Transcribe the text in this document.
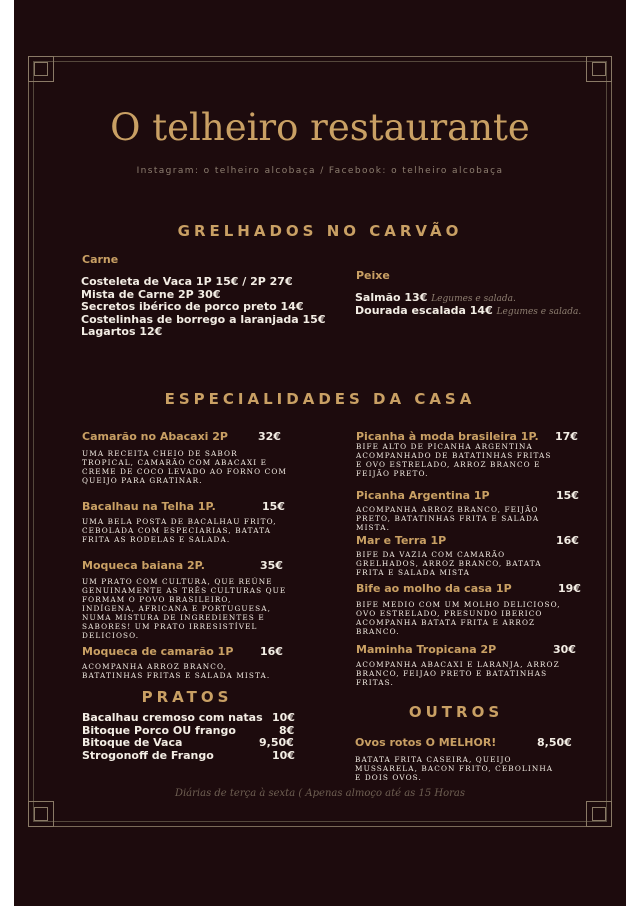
O telheiro restaurante
Instagram: o telheiro alcobaça / Facebook: o telheiro alcobaça
GRELHADOS NO CARVÃO
Carne
Costeleta de Vaca 1P 15€ / 2P 27€
Mista de Carne 2P 30€
Secretos ibérico de porco preto 14€
Costelinhas de borrego a laranjada 15€
Lagartos 12€
Peixe
Salmão 13€ Legumes e salada.
Dourada escalada 14€ Legumes e salada.
ESPECIALIDADES DA CASA
Camarão no Abacaxi 2P	32€
UMA RECEITA CHEIO DE SABOR TROPICAL, CAMARÃO COM ABACAXI E CREME DE COCO LEVADO AO FORNO COM QUEIJO PARA GRATINAR.
Bacalhau na Telha 1P.	15€
UMA BELA POSTA DE BACALHAU FRITO, CEBOLADA COM ESPECIARIAS, BATATA FRITA AS RODELAS E SALADA.
Moqueca baiana 2P.	35€
UM PRATO COM CULTURA, QUE REÚNE GENUINAMENTE AS TRÊS CULTURAS QUE FORMAM O POVO BRASILEIRO, INDÍGENA, AFRICANA E PORTUGUESA, NUMA MISTURA DE INGREDIENTES E SABORES! UM PRATO IRRESISTÍVEL DELICIOSO.
Moqueca de camarão 1P 16€
ACOMPANHA ARROZ BRANCO, BATATINHAS FRITAS E SALADA MISTA.
Picanha à moda brasileira 1P. 17€
BIFE ALTO DE PICANHA ARGENTINA ACOMPANHADO DE BATATINHAS FRITAS E OVO ESTRELADO, ARROZ BRANCO E FEIJÃO PRETO.
Picanha Argentina 1P	15€
ACOMPANHA ARROZ BRANCO, FEIJÃO PRETO, BATATINHAS FRITA E SALADA MISTA.
Mar e Terra 1P	16€
BIFE DA VAZIA COM CAMARÃO GRELHADOS, ARROZ BRANCO, BATATA FRITA E SALADA MISTA
Bife ao molho da casa 1P	19€
BIFE MEDIO COM UM MOLHO DELICIOSO, OVO ESTRELADO, PRESUNDO IBERICO ACOMPANHA BATATA FRITA E ARROZ BRANCO.
Maminha Tropicana 2P	30€
ACOMPANHA ABACAXI E LARANJA, ARROZ BRANCO, FEIJAO PRETO E BATATINHAS FRITAS.
PRATOS
Bacalhau cremoso com natas 10€
Bitoque Porco OU frango	8€
Bitoque de Vaca	9,50€
Strogonoff de Frango	10€
OUTROS
Ovos rotos O MELHOR!	8,50€
BATATA FRITA CASEIRA, QUEIJO MUSSARELA, BACON FRITO, CEBOLINHA E DOIS OVOS.
Diárias de terça à sexta ( Apenas almoço até as 15 Horas
